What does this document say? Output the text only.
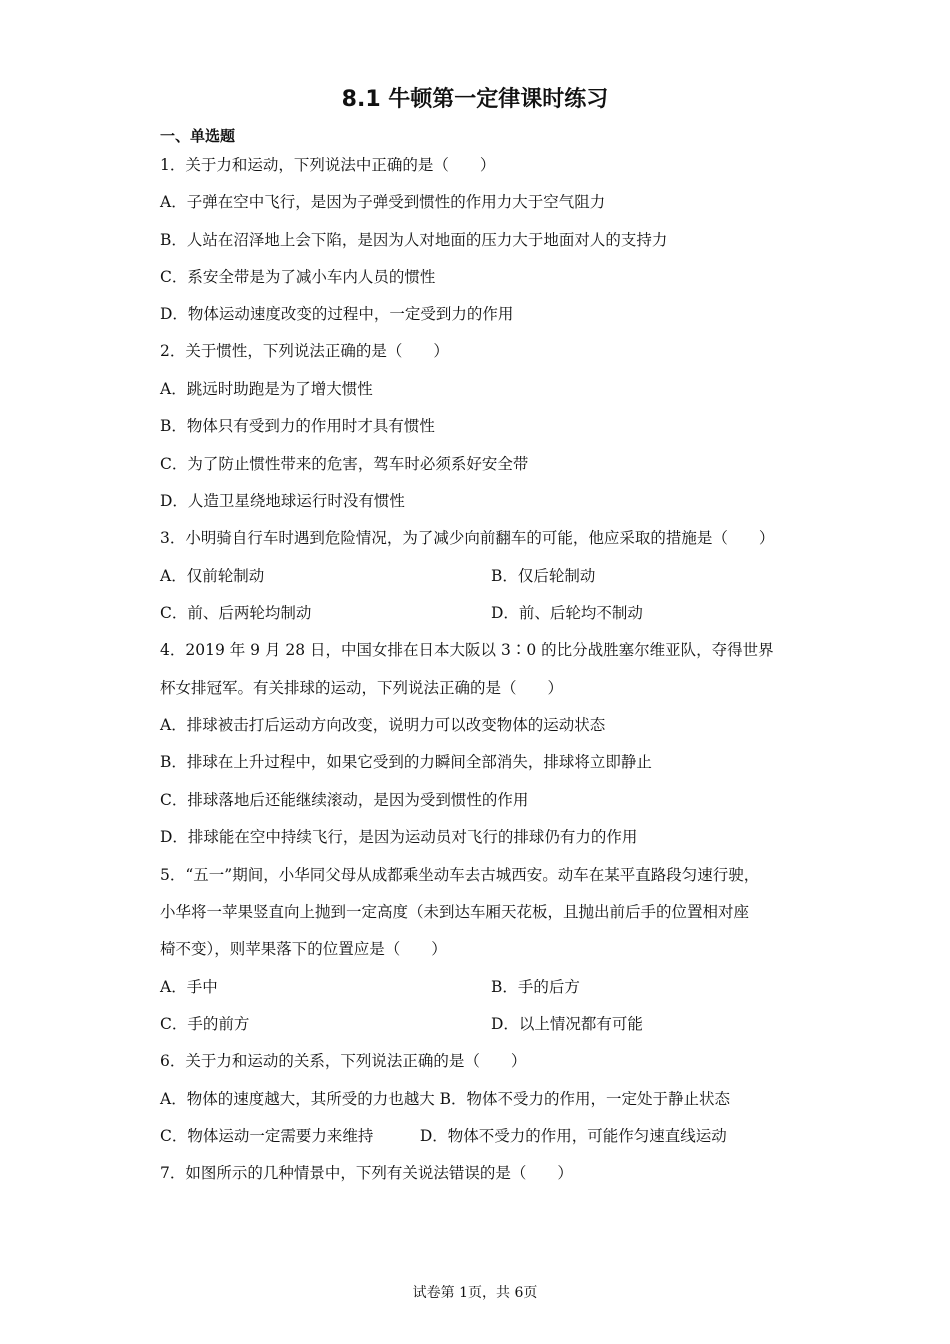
8.1 牛顿第一定律课时练习
一、单选题
1．关于力和运动，下列说法中正确的是（　　）
A．子弹在空中飞行，是因为子弹受到惯性的作用力大于空气阻力
B．人站在沼泽地上会下陷，是因为人对地面的压力大于地面对人的支持力
C．系安全带是为了减小车内人员的惯性
D．物体运动速度改变的过程中，一定受到力的作用
2．关于惯性，下列说法正确的是（　　）
A．跳远时助跑是为了增大惯性
B．物体只有受到力的作用时才具有惯性
C．为了防止惯性带来的危害，驾车时必须系好安全带
D．人造卫星绕地球运行时没有惯性
3．小明骑自行车时遇到危险情况，为了减少向前翻车的可能，他应采取的措施是（　　）
A．仅前轮制动	B．仅后轮制动
C．前、后两轮均制动	D．前、后轮均不制动
4．2019 年 9 月 28 日，中国女排在日本大阪以 3∶0 的比分战胜塞尔维亚队，夺得世界
杯女排冠军。有关排球的运动，下列说法正确的是（　　）
A．排球被击打后运动方向改变，说明力可以改变物体的运动状态
B．排球在上升过程中，如果它受到的力瞬间全部消失，排球将立即静止
C．排球落地后还能继续滚动，是因为受到惯性的作用
D．排球能在空中持续飞行，是因为运动员对飞行的排球仍有力的作用
5．“五一”期间，小华同父母从成都乘坐动车去古城西安。动车在某平直路段匀速行驶，
小华将一苹果竖直向上抛到一定高度（未到达车厢天花板，且抛出前后手的位置相对座
椅不变），则苹果落下的位置应是（　　）
A．手中	B．手的后方
C．手的前方	D．以上情况都有可能
6．关于力和运动的关系，下列说法正确的是（　　）
A．物体的速度越大，其所受的力也越大 B．物体不受力的作用，一定处于静止状态
C．物体运动一定需要力来维持　　　D．物体不受力的作用，可能作匀速直线运动
7．如图所示的几种情景中，下列有关说法错误的是（　　）
试卷第 1页，共 6页
